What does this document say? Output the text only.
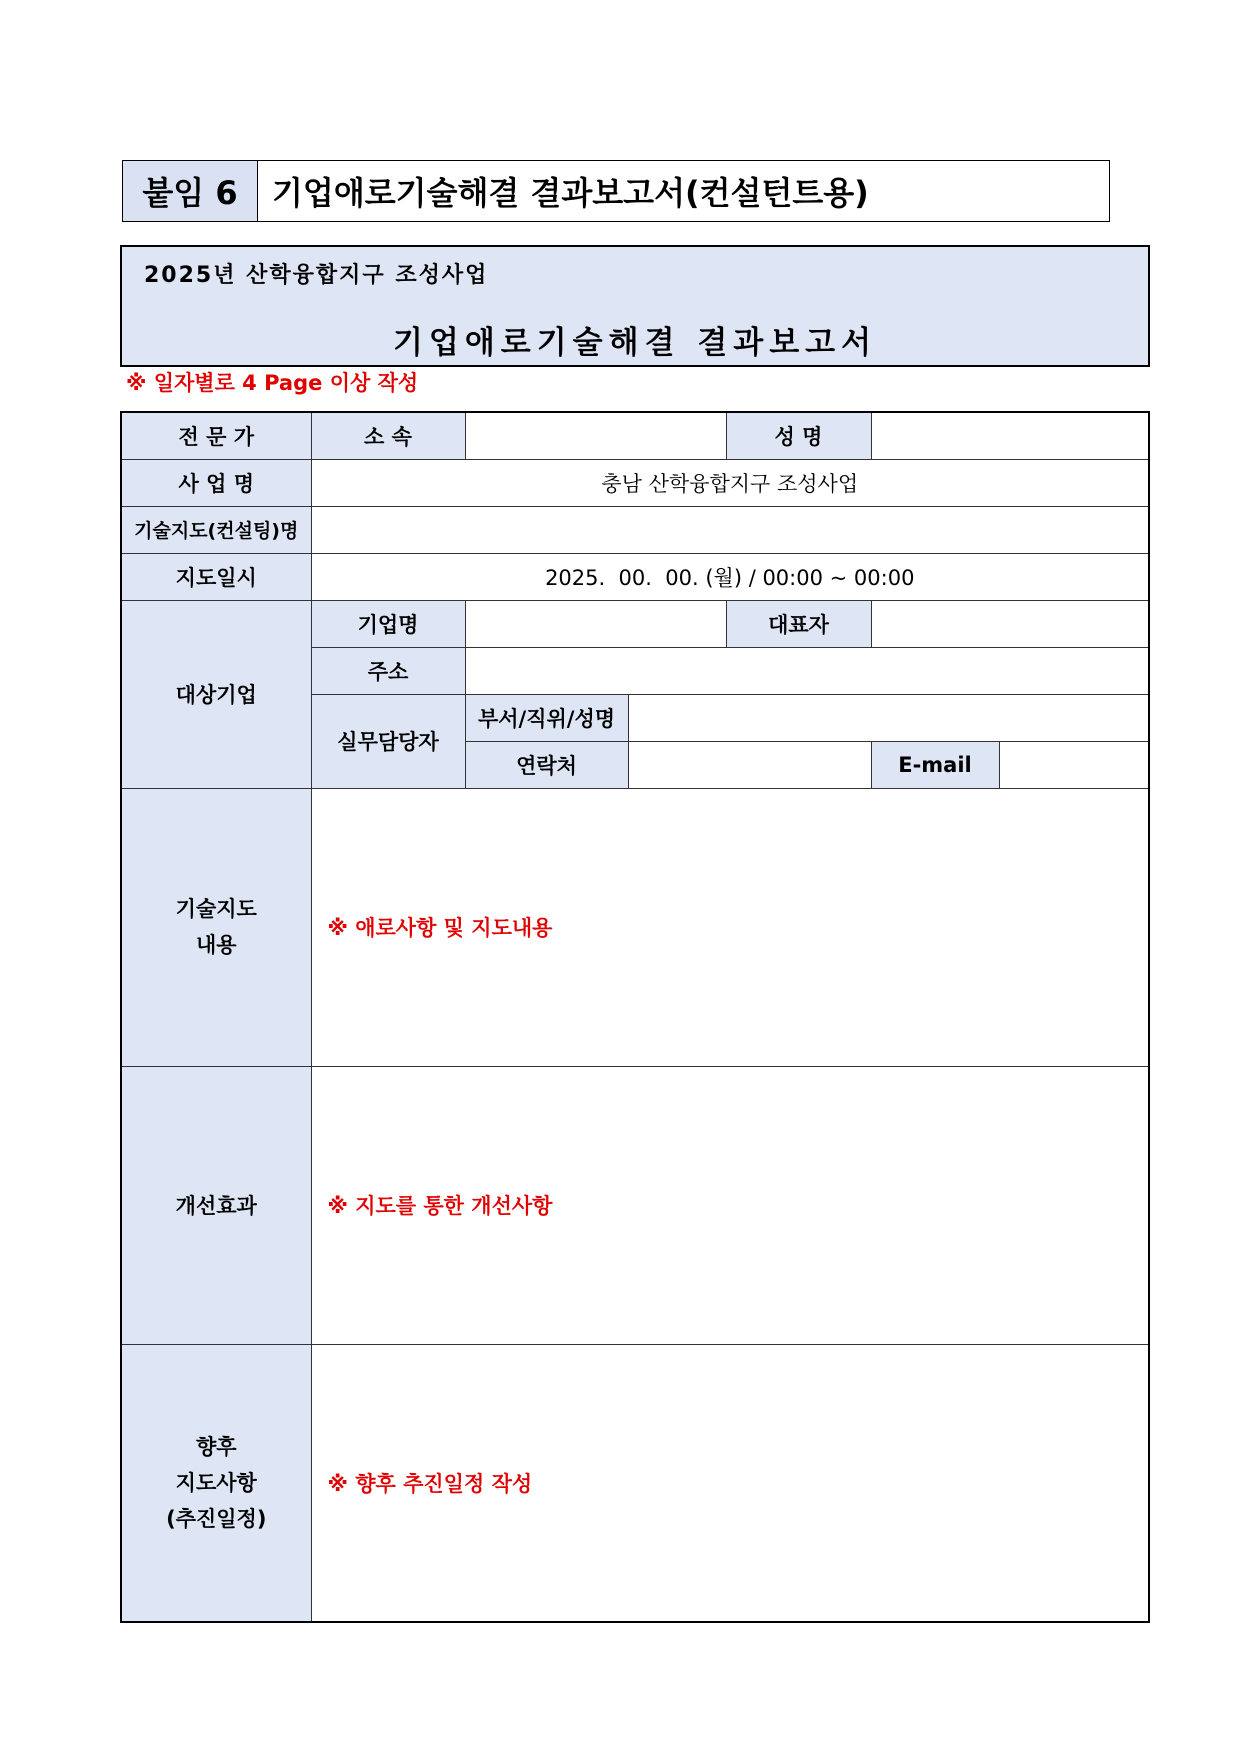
붙임 6	기업애로기술해결 결과보고서(컨설턴트용)
2025년 산학융합지구 조성사업
기업애로기술해결 결과보고서
※ 일자별로 4 Page 이상 작성
전 문 가	소 속			성 명		
사 업 명	충남 산학융합지구 조성사업					
기술지도(컨설팅)명						
지도일시	2025.  00.  00. (월) / 00:00 ~ 00:00					
대상기업	기업명			대표자		
	주소					
	실무담당자	부서/직위/성명				
		연락처			E-mail	
기술지도
내용	※ 애로사항 및 지도내용					
개선효과	※ 지도를 통한 개선사항					
향후
지도사항
(추진일정)	※ 향후 추진일정 작성					
